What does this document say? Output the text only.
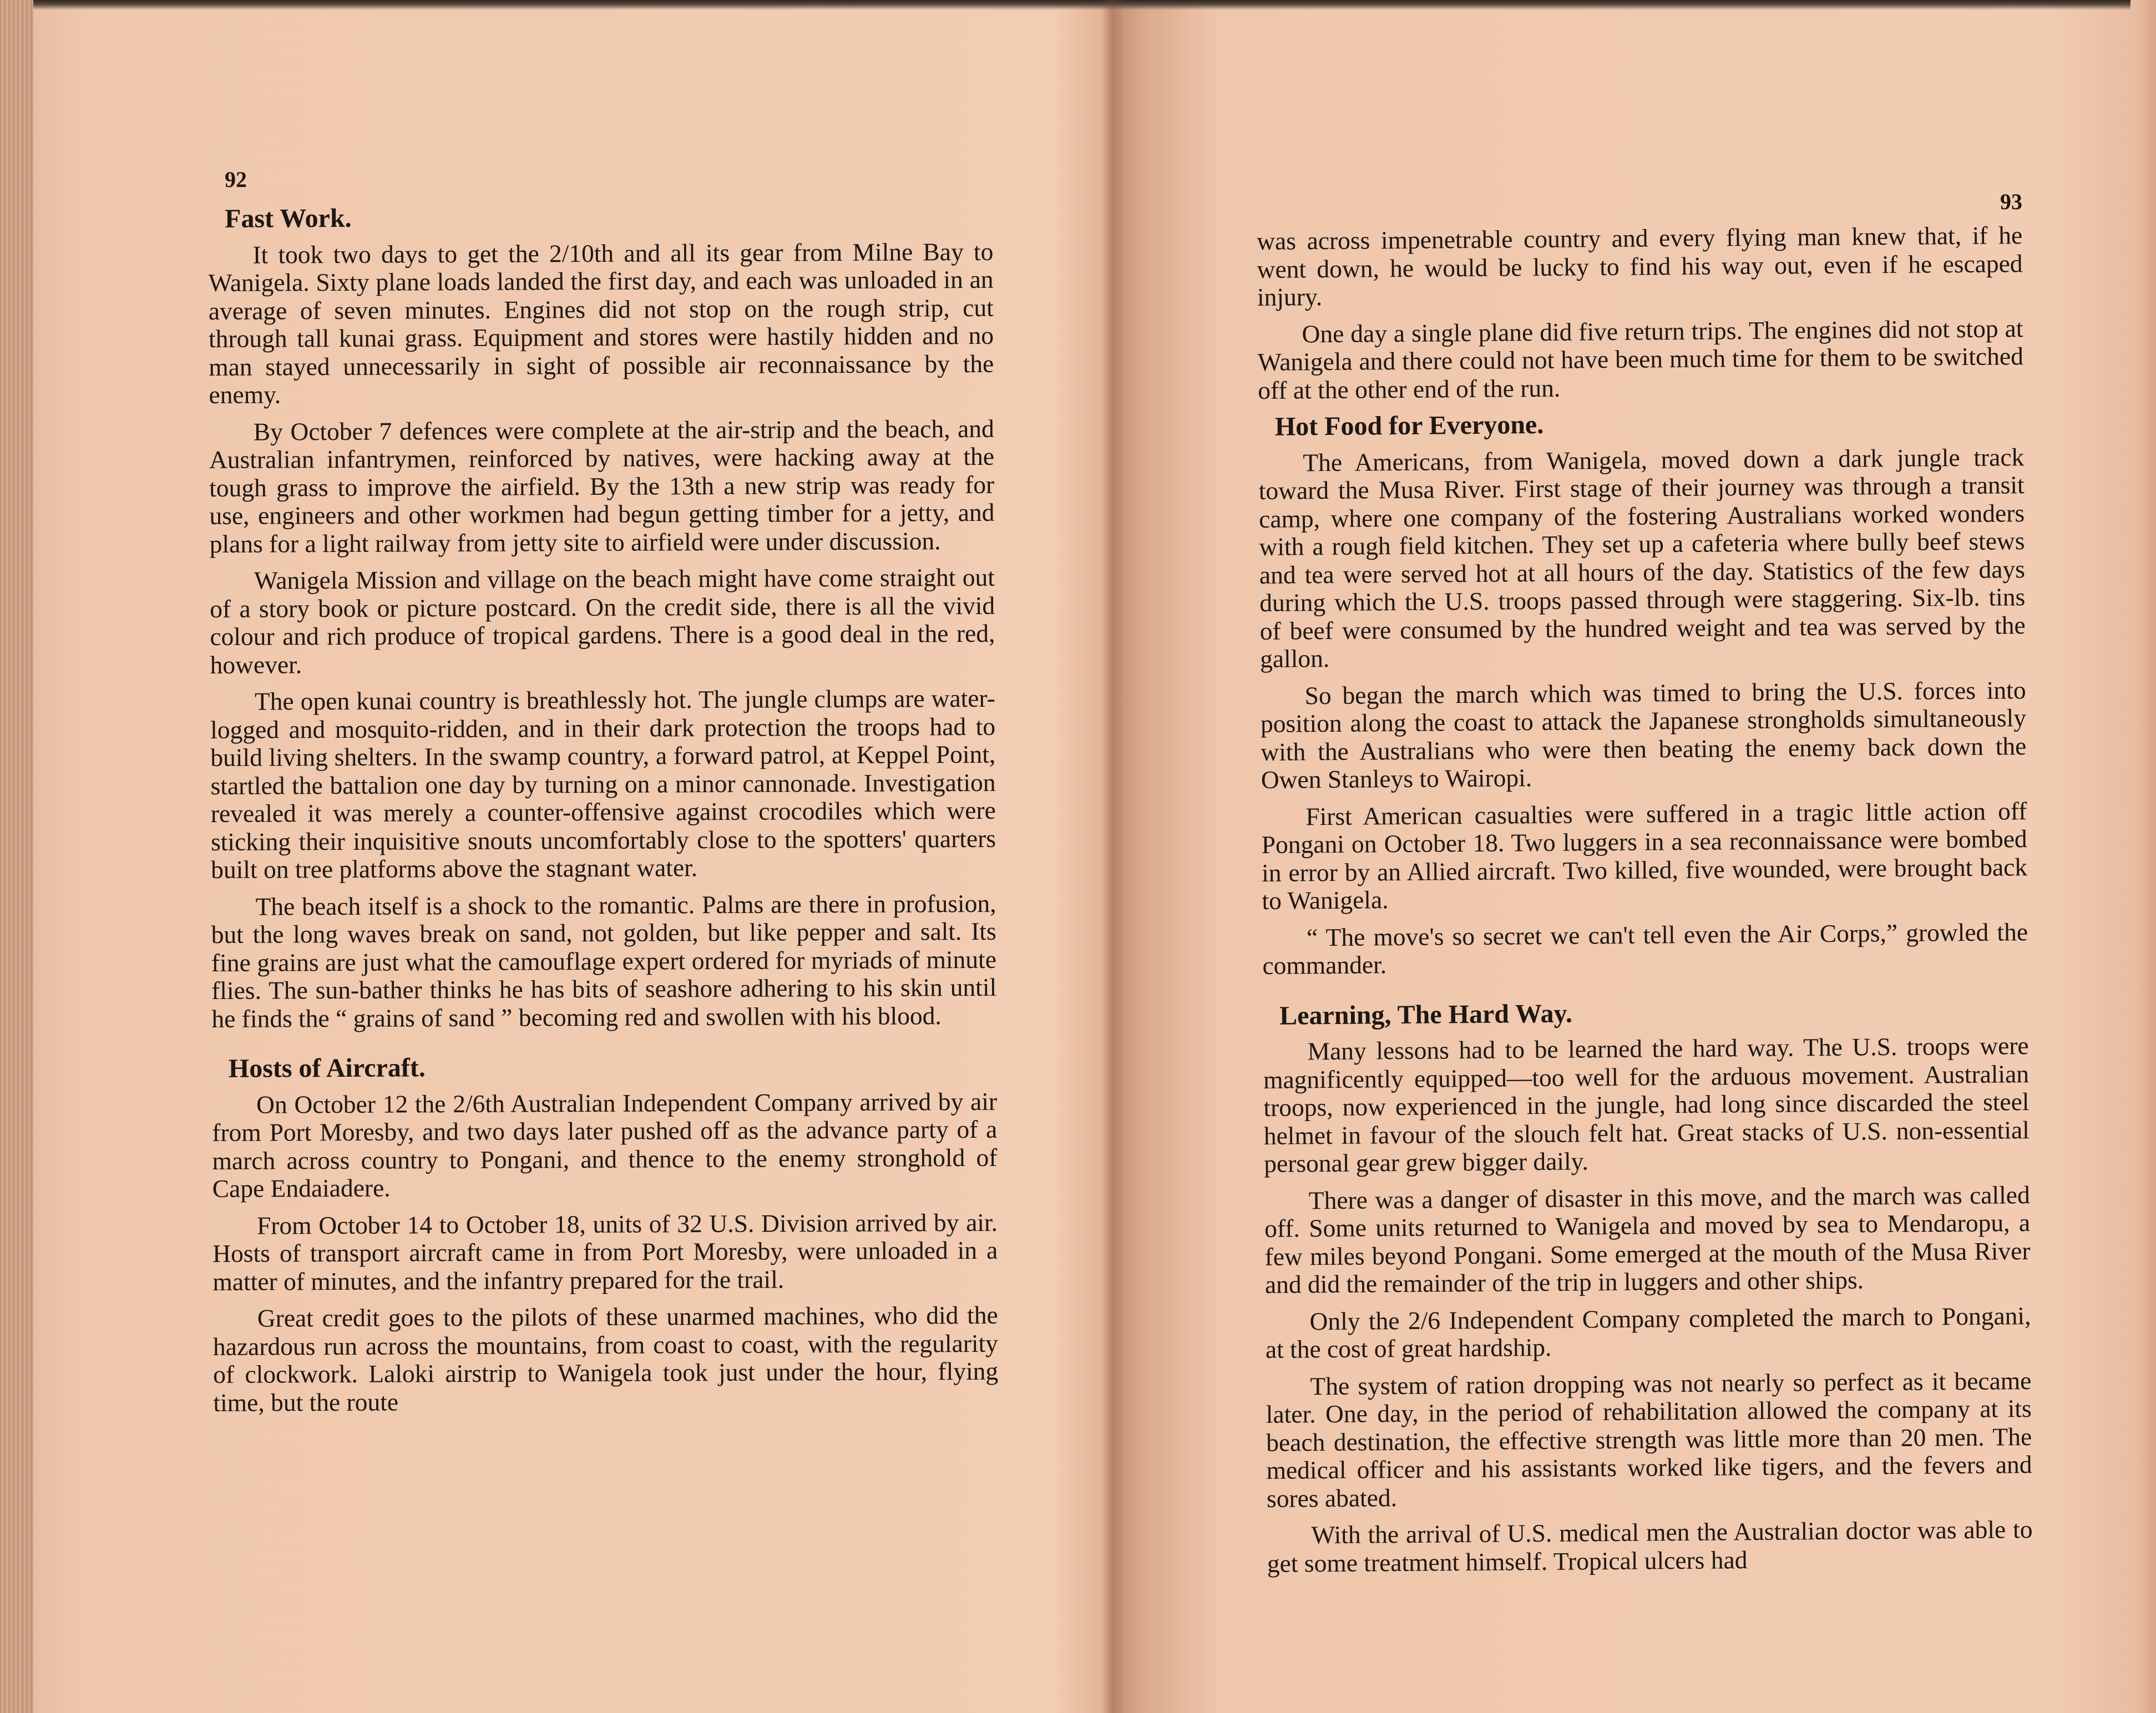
92
Fast Work.

It took two days to get the 2/10th and all its gear from Milne Bay to Wanigela. Sixty plane loads landed the first day, and each was unloaded in an average of seven minutes. Engines did not stop on the rough strip, cut through tall kunai grass. Equipment and stores were hastily hidden and no man stayed unnecessarily in sight of possible air reconnaissance by the enemy.

By October 7 defences were complete at the air-strip and the beach, and Australian infantrymen, reinforced by natives, were hacking away at the tough grass to improve the airfield. By the 13th a new strip was ready for use, engineers and other workmen had begun getting timber for a jetty, and plans for a light railway from jetty site to airfield were under discussion.

Wanigela Mission and village on the beach might have come straight out of a story book or picture postcard. On the credit side, there is all the vivid colour and rich produce of tropical gardens. There is a good deal in the red, however.

The open kunai country is breathlessly hot. The jungle clumps are water-logged and mosquito-ridden, and in their dark protection the troops had to build living shelters. In the swamp country, a forward patrol, at Keppel Point, startled the battalion one day by turning on a minor cannonade. Investigation revealed it was merely a counter-offensive against crocodiles which were sticking their inquisitive snouts uncomfortably close to the spotters' quarters built on tree platforms above the stagnant water.

The beach itself is a shock to the romantic. Palms are there in profusion, but the long waves break on sand, not golden, but like pepper and salt. Its fine grains are just what the camouflage expert ordered for myriads of minute flies. The sun-bather thinks he has bits of seashore adhering to his skin until he finds the “ grains of sand ” becoming red and swollen with his blood.

Hosts of Aircraft.

On October 12 the 2/6th Australian Independent Company arrived by air from Port Moresby, and two days later pushed off as the advance party of a march across country to Pongani, and thence to the enemy stronghold of Cape Endaiadere.

From October 14 to October 18, units of 32 U.S. Division arrived by air. Hosts of transport aircraft came in from Port Moresby, were unloaded in a matter of minutes, and the infantry prepared for the trail.

Great credit goes to the pilots of these unarmed machines, who did the hazardous run across the mountains, from coast to coast, with the regularity of clockwork. Laloki airstrip to Wanigela took just under the hour, flying time, but the route

93

was across impenetrable country and every flying man knew that, if he went down, he would be lucky to find his way out, even if he escaped injury.

One day a single plane did five return trips. The engines did not stop at Wanigela and there could not have been much time for them to be switched off at the other end of the run.

Hot Food for Everyone.

The Americans, from Wanigela, moved down a dark jungle track toward the Musa River. First stage of their journey was through a transit camp, where one company of the fostering Australians worked wonders with a rough field kitchen. They set up a cafeteria where bully beef stews and tea were served hot at all hours of the day. Statistics of the few days during which the U.S. troops passed through were staggering. Six-lb. tins of beef were consumed by the hundred weight and tea was served by the gallon.

So began the march which was timed to bring the U.S. forces into position along the coast to attack the Japanese strongholds simultaneously with the Australians who were then beating the enemy back down the Owen Stanleys to Wairopi.

First American casualties were suffered in a tragic little action off Pongani on October 18. Two luggers in a sea reconnaissance were bombed in error by an Allied aircraft. Two killed, five wounded, were brought back to Wanigela.

“ The move's so secret we can't tell even the Air Corps,” growled the commander.

Learning, The Hard Way.

Many lessons had to be learned the hard way. The U.S. troops were magnificently equipped—too well for the arduous movement. Australian troops, now experienced in the jungle, had long since discarded the steel helmet in favour of the slouch felt hat. Great stacks of U.S. non-essential personal gear grew bigger daily.

There was a danger of disaster in this move, and the march was called off. Some units returned to Wanigela and moved by sea to Mendaropu, a few miles beyond Pongani. Some emerged at the mouth of the Musa River and did the remainder of the trip in luggers and other ships.

Only the 2/6 Independent Company completed the march to Pongani, at the cost of great hardship.

The system of ration dropping was not nearly so perfect as it became later. One day, in the period of rehabilitation allowed the company at its beach destination, the effective strength was little more than 20 men. The medical officer and his assistants worked like tigers, and the fevers and sores abated.

With the arrival of U.S. medical men the Australian doctor was able to get some treatment himself. Tropical ulcers had
